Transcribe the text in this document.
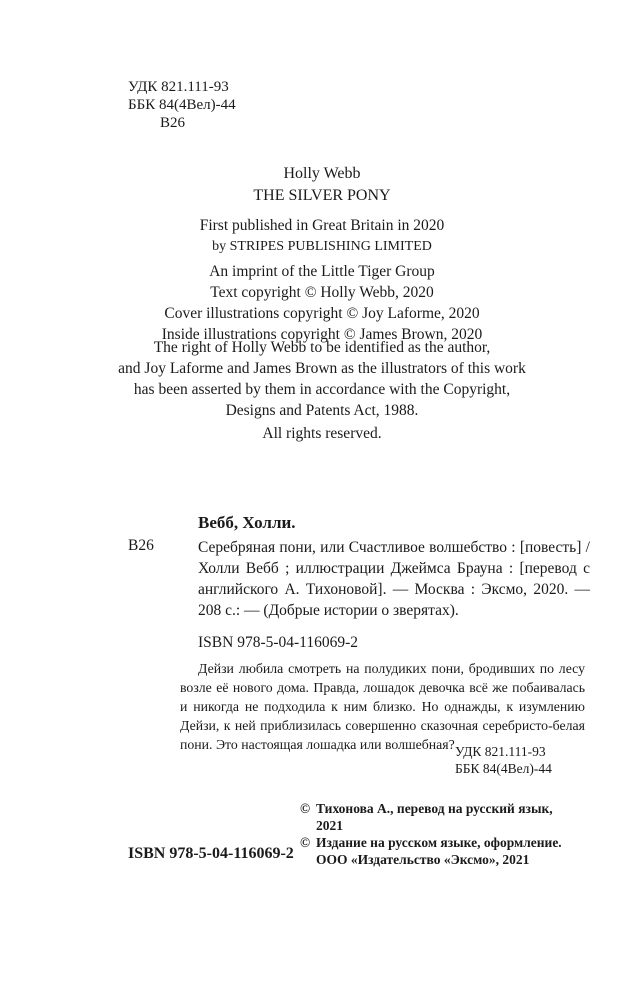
УДК 821.111-93
ББК 84(4Вел)-44
В26
Holly Webb
THE SILVER PONY
First published in Great Britain in 2020
by STRIPES PUBLISHING LIMITED
An imprint of the Little Tiger Group
Text copyright © Holly Webb, 2020
Cover illustrations copyright © Joy Laforme, 2020
Inside illustrations copyright © James Brown, 2020
The right of Holly Webb to be identified as the author,
and Joy Laforme and James Brown as the illustrators of this work
has been asserted by them in accordance with the Copyright,
Designs and Patents Act, 1988.
All rights reserved.
Вебб, Холли.
В26	Серебряная пони, или Счастливое волшебство : [повесть] / Холли Вебб ; иллюстрации Джеймса Брауна : [перевод с английского А. Тихоновой]. — Москва : Эксмо, 2020. — 208 с.: — (Добрые истории о зверятах).
ISBN 978-5-04-116069-2
Дейзи любила смотреть на полудиких пони, бродивших по лесу возле её нового дома. Правда, лошадок девочка всё же побаивалась и никогда не подходила к ним близко. Но однажды, к изумлению Дейзи, к ней приблизилась совершенно сказочная серебристо-белая пони. Это настоящая лошадка или волшебная? УДК 821.111-93
ББК 84(4Вел)-44
© Тихонова А., перевод на русский язык,
2021
© Издание на русском языке, оформление.
ООО «Издательство «Эксмо», 2021
ISBN 978-5-04-116069-2
